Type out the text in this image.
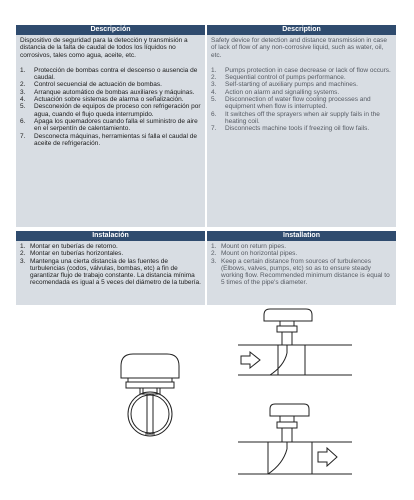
Descripción	Description

Dispositivo de seguridad para la detección y transmisión a distancia de la falta de caudal de todos los líquidos no corrosivos, tales como agua, aceite, etc.

1.	Protección de bombas contra el descenso o ausencia de caudal.
2.	Control secuencial de actuación de bombas.
3.	Arranque automático de bombas auxiliares y máquinas.
4.	Actuación sobre sistemas de alarma o señalización.
5.	Desconexión de equipos de proceso con refrigeración por agua, cuando el flujo queda interrumpido.
6.	Apaga los quemadores cuando falla el suministro de aire en el serpentín de calentamiento.
7.	Desconecta máquinas, herramientas si falla el caudal de aceite de refrigeración.

Safety device for detection and distance transmission in case of lack of flow of any non-corrosive liquid, such as water, oil, etc.

1.	Pumps protection in case decrease or lack of flow occurs.
2.	Sequential control of pumps performance.
3.	Self-starting of auxiliary pumps and machines.
4.	Action on alarm and signalling systems.
5.	Disconnection of water flow cooling processes and equipment when flow is interrupted.
6.	It switches off the sprayers when air supply fails in the heating coil.
7.	Disconnects machine tools if freezing oil flow fails.
Instalación	Installation
1. Montar en tuberías de retorno.
2. Montar en tuberías horizontales.
3. Mantenga una cierta distancia de las fuentes de turbulencias (codos, válvulas, bombas, etc) a fin de garantizar flujo de trabajo constante. La distancia mínima recomendada es igual a 5 veces del diámetro de la tubería.
1. Mount on return pipes.
2. Mount on horizontal pipes.
3. Keep a certain distance from sources of turbulences (Elbows, valves, pumps, etc) so as to ensure steady working flow. Recommended minimum distance is equal to 5 times of the pipe's diameter.
